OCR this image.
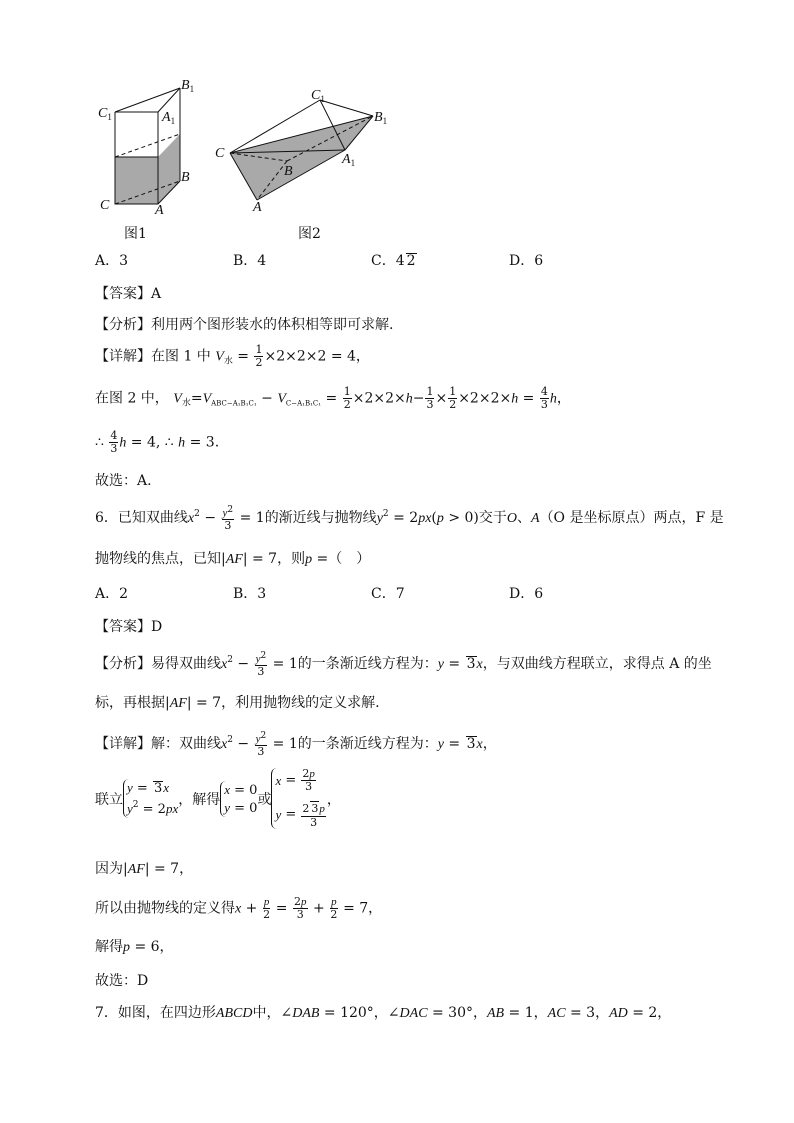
$B_1$
$C_1$	$A_1$
B
C	A
图1
$C_1$
$B_1$
C	$A_1$
B
A
图2
A．3	B．4	C．4 2	D．6
【答案】A
【分析】利用两个图形装水的体积相等即可求解.
【详解】在图 1 中 $V_水 = \frac{1}{2} \times 2\times 2\times 2 = 4$，
在图 2 中， $V_水=V_{ABC-A_1B_1C_1} - V_{C-A_1B_1C_1} = \frac{1}{2} \times 2\times 2\times h- \frac{1}{3} \times \frac{1}{2} \times 2\times 2\times h = \frac{4}{3}$ h，
∴ $\frac{4}{3}$ h = 4, ∴ h = 3.
故选：A.
6．已知双曲线$x^2 - \frac{y^2}{3} = 1$的渐近线与抛物线$y^2 = 2px(p > 0)$交于O、A（O 是坐标原点）两点，F 是
抛物线的焦点，已知|AF| = 7，则p =（　）
A．2	B．3	C．7	D．6
【答案】D
【分析】易得双曲线$x^2 - \frac{y^2}{3} = 1$的一条渐近线方程为：y = 3x，与双曲线方程联立，求得点 A 的坐
标，再根据|AF| = 7，利用抛物线的定义求解.
【详解】解：双曲线$x^2 - \frac{y^2}{3} = 1$的一条渐近线方程为：y = 3x，
联立
y = 3x
$y^2 = 2px$
，解得
x = 0
y = 0
或
$x = \frac{2p}{3}$
$y = \frac{2 3p}{3}$
，
因为|AF| = 7，
所以由抛物线的定义得$x + \frac{p}{2} = \frac{2p}{3} + \frac{p}{2} = 7$，
解得p = 6，
故选：D
7．如图，在四边形ABCD中，∠DAB = 120°，∠DAC = 30°，AB = 1，AC = 3，AD = 2，
